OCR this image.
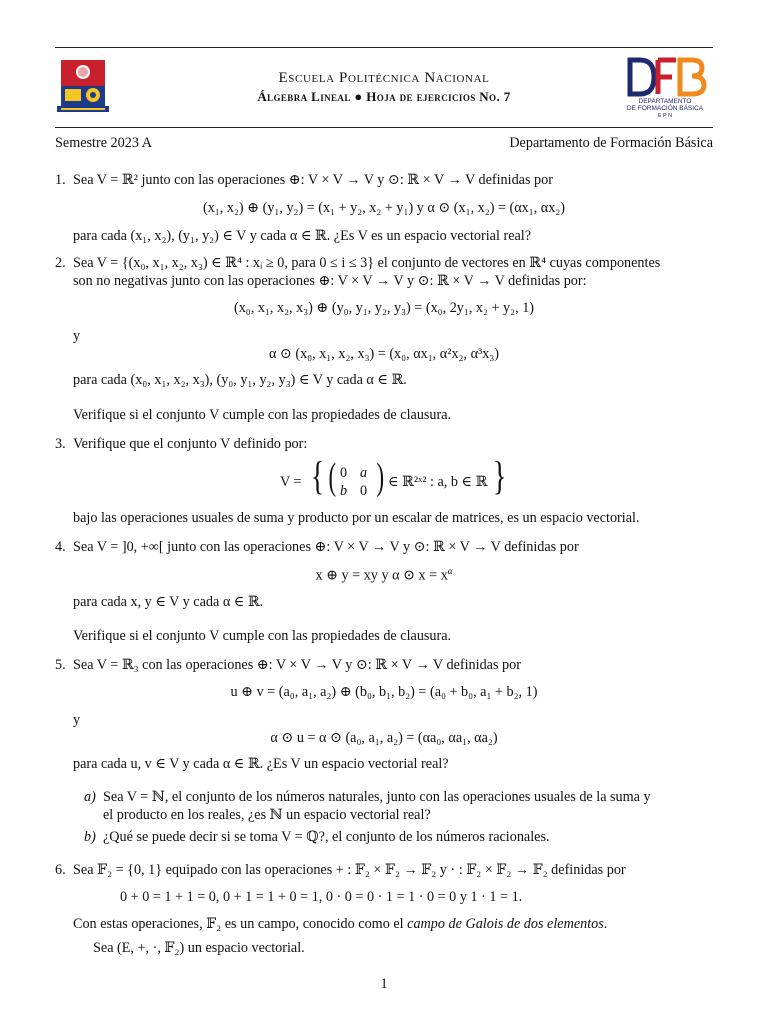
DEPARTAMENTO
DE FORMACIÓN BÁSICA
E P N
Escuela Politécnica Nacional
Álgebra Lineal ● Hoja de ejercicios No. 7
Semestre 2023 A	Departamento de Formación Básica
1. Sea V = ℝ² junto con las operaciones ⊕: V × V → V y ⊙: ℝ × V → V definidas por
(x₁, x₂) ⊕ (y₁, y₂) = (x₁ + y₂, x₂ + y₁) y α ⊙ (x₁, x₂) = (αx₁, αx₂)
para cada (x₁, x₂), (y₁, y₂) ∈ V y cada α ∈ ℝ. ¿Es V es un espacio vectorial real?
2. Sea V = {(x₀, x₁, x₂, x₃) ∈ ℝ⁴ : xᵢ ≥ 0, para 0 ≤ i ≤ 3} el conjunto de vectores en ℝ⁴ cuyas componentes
son no negativas junto con las operaciones ⊕: V × V → V y ⊙: ℝ × V → V definidas por:
(x₀, x₁, x₂, x₃) ⊕ (y₀, y₁, y₂, y₃) = (x₀, 2y₁, x₂ + y₂, 1)
y
α ⊙ (x₀, x₁, x₂, x₃) = (x₀, αx₁, α²x₂, α³x₃)
para cada (x₀, x₁, x₂, x₃), (y₀, y₁, y₂, y₃) ∈ V y cada α ∈ ℝ.
Verifique si el conjunto V cumple con las propiedades de clausura.
3. Verifique que el conjunto V definido por:
V = { ( 0 a
b 0 ) ∈ ℝ²ˣ² : a, b ∈ ℝ }
bajo las operaciones usuales de suma y producto por un escalar de matrices, es un espacio vectorial.
4. Sea V = ]0, +∞[ junto con las operaciones ⊕: V × V → V y ⊙: ℝ × V → V definidas por
x ⊕ y = xy y α ⊙ $x = x^\alpha$
para cada x, y ∈ V y cada α ∈ ℝ.
Verifique si el conjunto V cumple con las propiedades de clausura.
5. Sea V = ℝ₃ con las operaciones ⊕: V × V → V y ⊙: ℝ × V → V definidas por
u ⊕ v = (a₀, a₁, a₂) ⊕ (b₀, b₁, b₂) = (a₀ + b₀, a₁ + b₂, 1)
y
α ⊙ u = α ⊙ (a₀, a₁, a₂) = (αa₀, αa₁, αa₂)
para cada u, v ∈ V y cada α ∈ ℝ. ¿Es V un espacio vectorial real?
a) Sea V = ℕ, el conjunto de los números naturales, junto con las operaciones usuales de la suma y
el producto en los reales, ¿es ℕ un espacio vectorial real?
b) ¿Qué se puede decir si se toma V = ℚ?, el conjunto de los números racionales.
6. Sea 𝔽₂ = {0, 1} equipado con las operaciones + : 𝔽₂ × 𝔽₂ → 𝔽₂ y · : 𝔽₂ × 𝔽₂ → 𝔽₂ definidas por
0 + 0 = 1 + 1 = 0, 0 + 1 = 1 + 0 = 1, 0 · 0 = 0 · 1 = 1 · 0 = 0 y 1 · 1 = 1.
Con estas operaciones, 𝔽₂ es un campo, conocido como el campo de Galois de dos elementos.
Sea (E, +, ·, 𝔽₂) un espacio vectorial.
1
